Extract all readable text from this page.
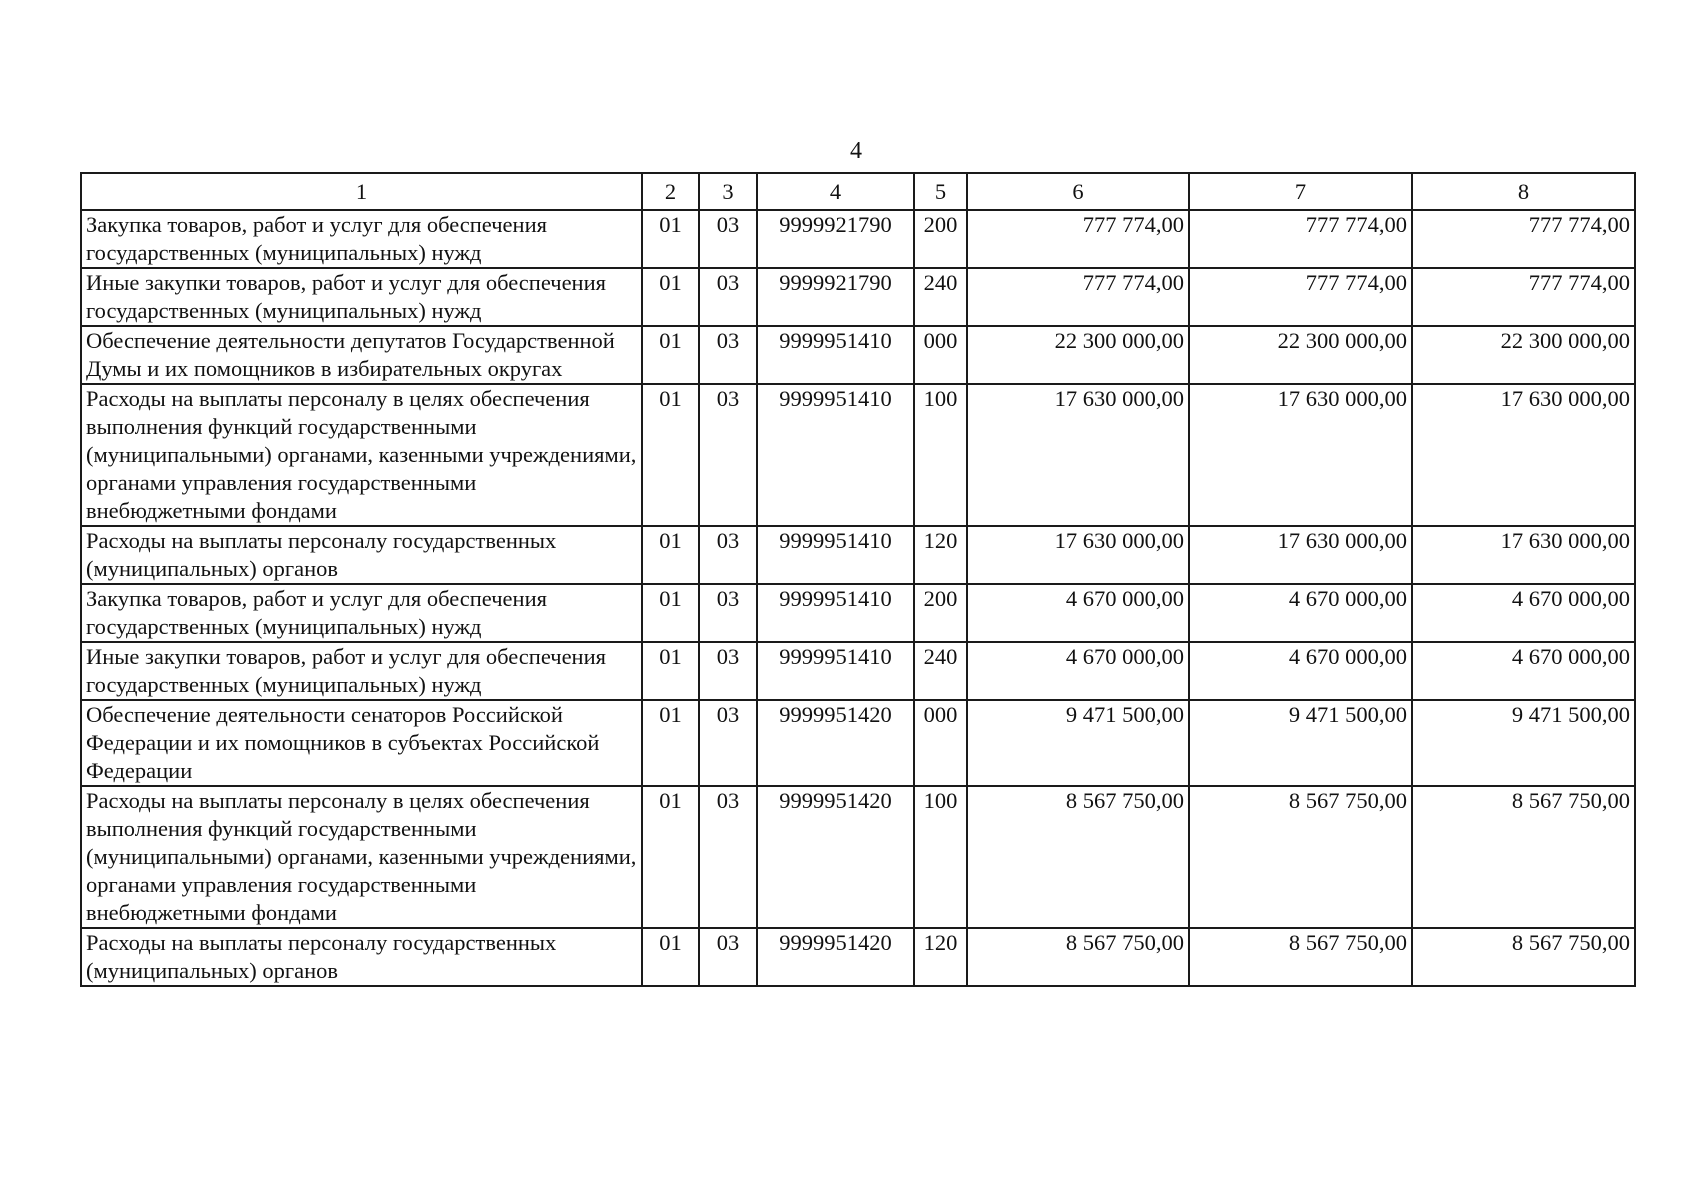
4
1	2	3	4	5	6	7	8
Закупка товаров, работ и услуг для обеспечения государственных (муниципальных) нужд	01	03	9999921790	200	777 774,00	777 774,00	777 774,00
Иные закупки товаров, работ и услуг для обеспечения государственных (муниципальных) нужд	01	03	9999921790	240	777 774,00	777 774,00	777 774,00
Обеспечение деятельности депутатов Государственной Думы и их помощников в избирательных округах	01	03	9999951410	000	22 300 000,00	22 300 000,00	22 300 000,00
Расходы на выплаты персоналу в целях обеспечения выполнения функций государственными (муниципальными) органами, казенными учреждениями, органами управления государственными внебюджетными фондами	01	03	9999951410	100	17 630 000,00	17 630 000,00	17 630 000,00
Расходы на выплаты персоналу государственных (муниципальных) органов	01	03	9999951410	120	17 630 000,00	17 630 000,00	17 630 000,00
Закупка товаров, работ и услуг для обеспечения государственных (муниципальных) нужд	01	03	9999951410	200	4 670 000,00	4 670 000,00	4 670 000,00
Иные закупки товаров, работ и услуг для обеспечения государственных (муниципальных) нужд	01	03	9999951410	240	4 670 000,00	4 670 000,00	4 670 000,00
Обеспечение деятельности сенаторов Российской Федерации и их помощников в субъектах Российской Федерации	01	03	9999951420	000	9 471 500,00	9 471 500,00	9 471 500,00
Расходы на выплаты персоналу в целях обеспечения выполнения функций государственными (муниципальными) органами, казенными учреждениями, органами управления государственными внебюджетными фондами	01	03	9999951420	100	8 567 750,00	8 567 750,00	8 567 750,00
Расходы на выплаты персоналу государственных (муниципальных) органов	01	03	9999951420	120	8 567 750,00	8 567 750,00	8 567 750,00
